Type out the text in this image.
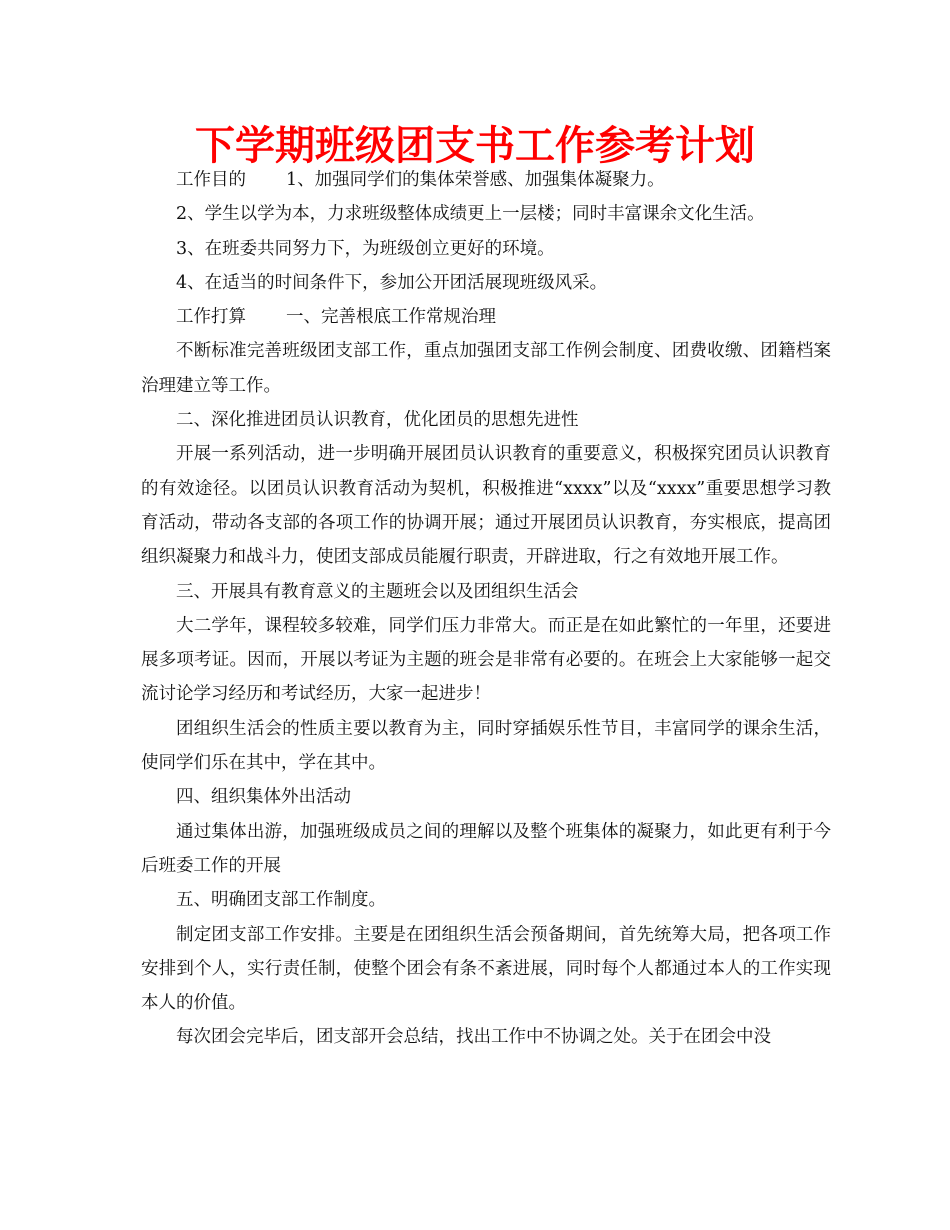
下学期班级团支书工作参考计划

工作目的 1、加强同学们的集体荣誉感、加强集体凝聚力。

2、学生以学为本，力求班级整体成绩更上一层楼；同时丰富课余文化生活。

3、在班委共同努力下，为班级创立更好的环境。

4、在适当的时间条件下，参加公开团活展现班级风采。

工作打算 一、完善根底工作常规治理

不断标准完善班级团支部工作，重点加强团支部工作例会制度、团费收缴、团籍档案治理建立等工作。

二、深化推进团员认识教育，优化团员的思想先进性

开展一系列活动，进一步明确开展团员认识教育的重要意义，积极探究团员认识教育的有效途径。以团员认识教育活动为契机，积极推进“xxxx”以及“xxxx”重要思想学习教育活动，带动各支部的各项工作的协调开展；通过开展团员认识教育，夯实根底，提高团组织凝聚力和战斗力，使团支部成员能履行职责，开辟进取，行之有效地开展工作。

三、开展具有教育意义的主题班会以及团组织生活会

大二学年，课程较多较难，同学们压力非常大。而正是在如此繁忙的一年里，还要进展多项考证。因而，开展以考证为主题的班会是非常有必要的。在班会上大家能够一起交流讨论学习经历和考试经历，大家一起进步！

团组织生活会的性质主要以教育为主，同时穿插娱乐性节目，丰富同学的课余生活，使同学们乐在其中，学在其中。

四、组织集体外出活动

通过集体出游，加强班级成员之间的理解以及整个班集体的凝聚力，如此更有利于今后班委工作的开展

五、明确团支部工作制度。

制定团支部工作安排。主要是在团组织生活会预备期间，首先统筹大局，把各项工作安排到个人，实行责任制，使整个团会有条不紊进展，同时每个人都通过本人的工作实现本人的价值。

每次团会完毕后，团支部开会总结，找出工作中不协调之处。关于在团会中没
